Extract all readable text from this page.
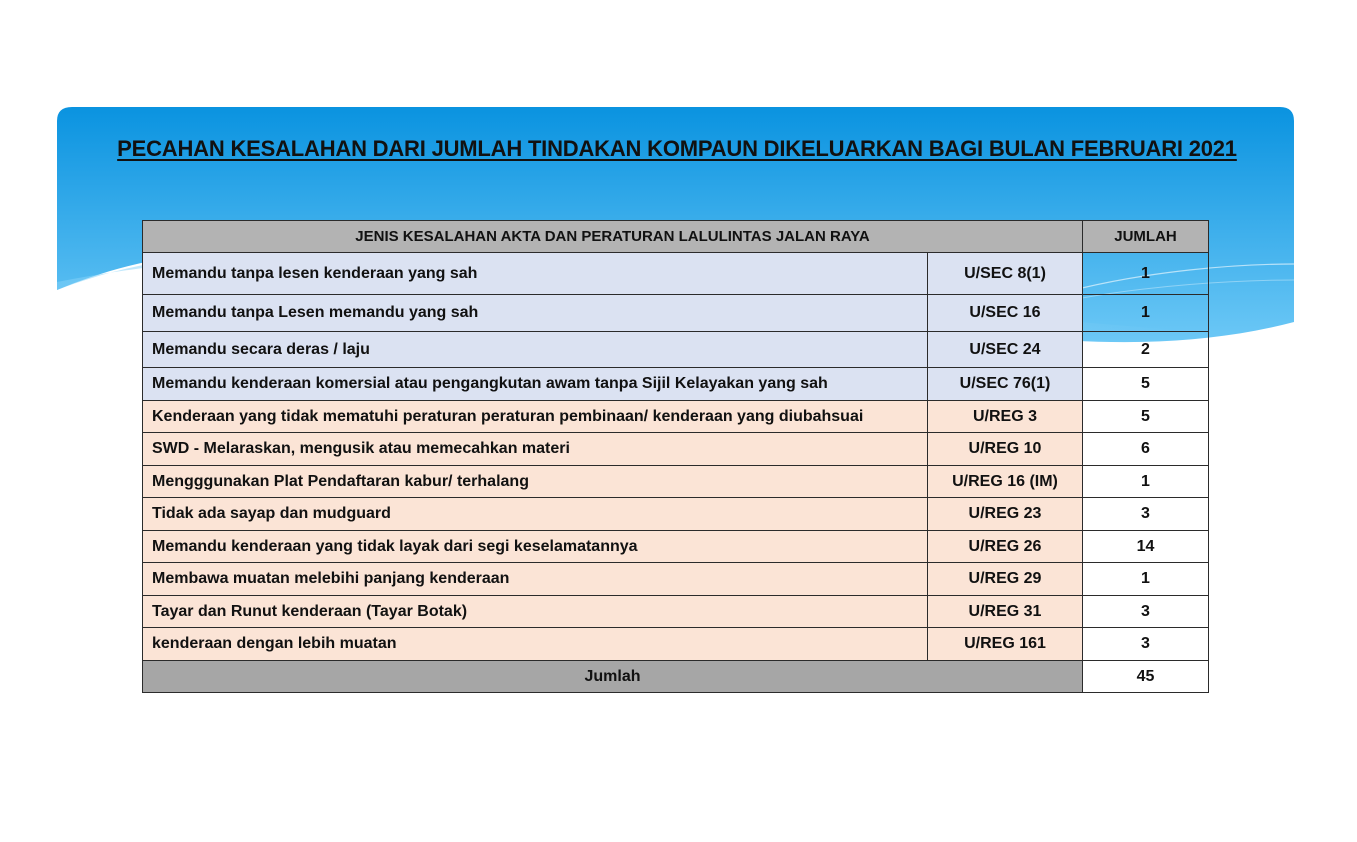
PECAHAN KESALAHAN DARI JUMLAH TINDAKAN KOMPAUN DIKELUARKAN BAGI BULAN FEBRUARI 2021
JENIS KESALAHAN AKTA DAN PERATURAN LALULINTAS JALAN RAYA		JUMLAH
Memandu tanpa lesen kenderaan yang sah	U/SEC 8(1)	1
Memandu tanpa Lesen memandu yang sah	U/SEC 16	1
Memandu secara deras / laju	U/SEC 24	2
Memandu kenderaan komersial atau pengangkutan awam tanpa Sijil Kelayakan yang sah	U/SEC 76(1)	5
Kenderaan yang tidak mematuhi peraturan peraturan pembinaan/ kenderaan yang diubahsuai	U/REG 3	5
SWD - Melaraskan, mengusik atau memecahkan materi	U/REG 10	6
Mengggunakan Plat Pendaftaran kabur/ terhalang	U/REG 16 (IM)	1
Tidak ada sayap dan mudguard	U/REG 23	3
Memandu kenderaan yang tidak layak dari segi keselamatannya	U/REG 26	14
Membawa muatan melebihi panjang kenderaan	U/REG 29	1
Tayar dan Runut kenderaan (Tayar Botak)	U/REG 31	3
kenderaan dengan lebih muatan	U/REG 161	3
Jumlah		45
